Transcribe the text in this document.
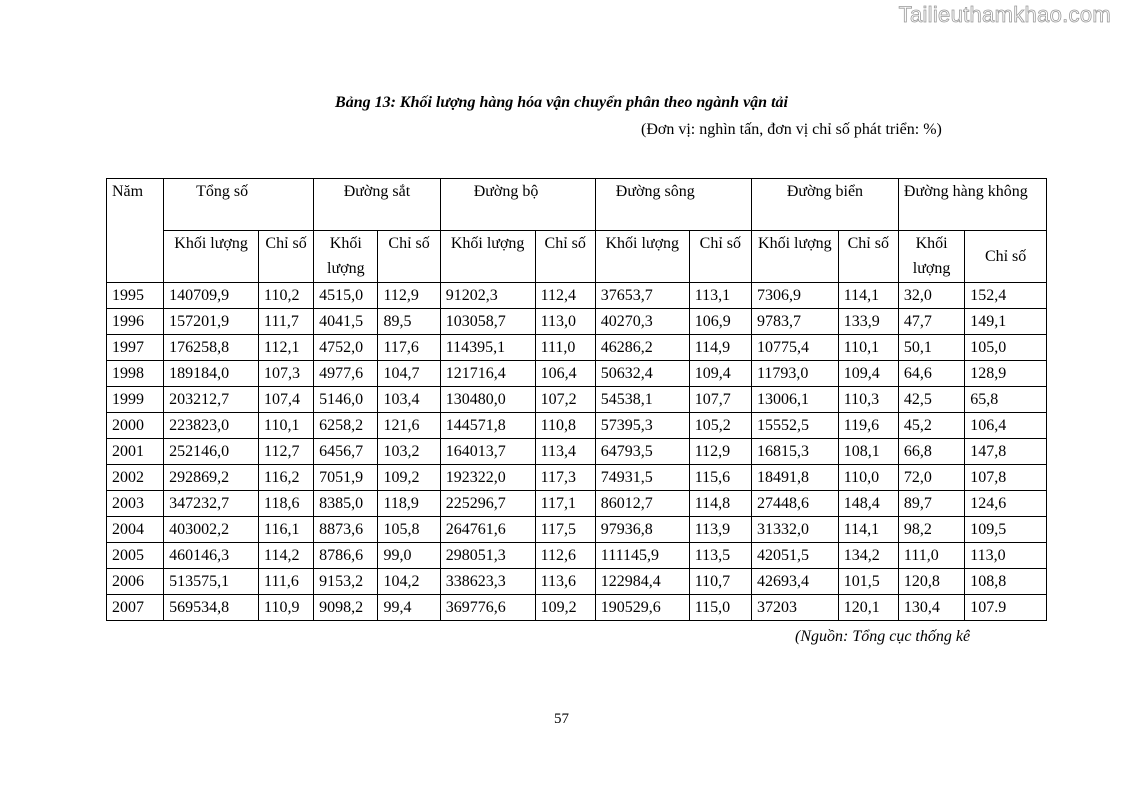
Tailieuthamkhao.com
Bảng 13: Khối lượng hàng hóa vận chuyển phân theo ngành vận tải
(Đơn vị: nghìn tấn, đơn vị chỉ số phát triển: %)
Năm	Tổng số		Đường sắt		Đường bộ		Đường sông		Đường biển		Đường hàng không	
	Khối lượng	Chỉ số	Khối lượng	Chỉ số	Khối lượng	Chỉ số	Khối lượng	Chỉ số	Khối lượng	Chỉ số	Khối lượng	Chỉ số
1995	140709,9	110,2	4515,0	112,9	91202,3	112,4	37653,7	113,1	7306,9	114,1	32,0	152,4
1996	157201,9	111,7	4041,5	89,5	103058,7	113,0	40270,3	106,9	9783,7	133,9	47,7	149,1
1997	176258,8	112,1	4752,0	117,6	114395,1	111,0	46286,2	114,9	10775,4	110,1	50,1	105,0
1998	189184,0	107,3	4977,6	104,7	121716,4	106,4	50632,4	109,4	11793,0	109,4	64,6	128,9
1999	203212,7	107,4	5146,0	103,4	130480,0	107,2	54538,1	107,7	13006,1	110,3	42,5	65,8
2000	223823,0	110,1	6258,2	121,6	144571,8	110,8	57395,3	105,2	15552,5	119,6	45,2	106,4
2001	252146,0	112,7	6456,7	103,2	164013,7	113,4	64793,5	112,9	16815,3	108,1	66,8	147,8
2002	292869,2	116,2	7051,9	109,2	192322,0	117,3	74931,5	115,6	18491,8	110,0	72,0	107,8
2003	347232,7	118,6	8385,0	118,9	225296,7	117,1	86012,7	114,8	27448,6	148,4	89,7	124,6
2004	403002,2	116,1	8873,6	105,8	264761,6	117,5	97936,8	113,9	31332,0	114,1	98,2	109,5
2005	460146,3	114,2	8786,6	99,0	298051,3	112,6	111145,9	113,5	42051,5	134,2	111,0	113,0
2006	513575,1	111,6	9153,2	104,2	338623,3	113,6	122984,4	110,7	42693,4	101,5	120,8	108,8
2007	569534,8	110,9	9098,2	99,4	369776,6	109,2	190529,6	115,0	37203	120,1	130,4	107.9
(Nguồn: Tổng cục thống kê
57
